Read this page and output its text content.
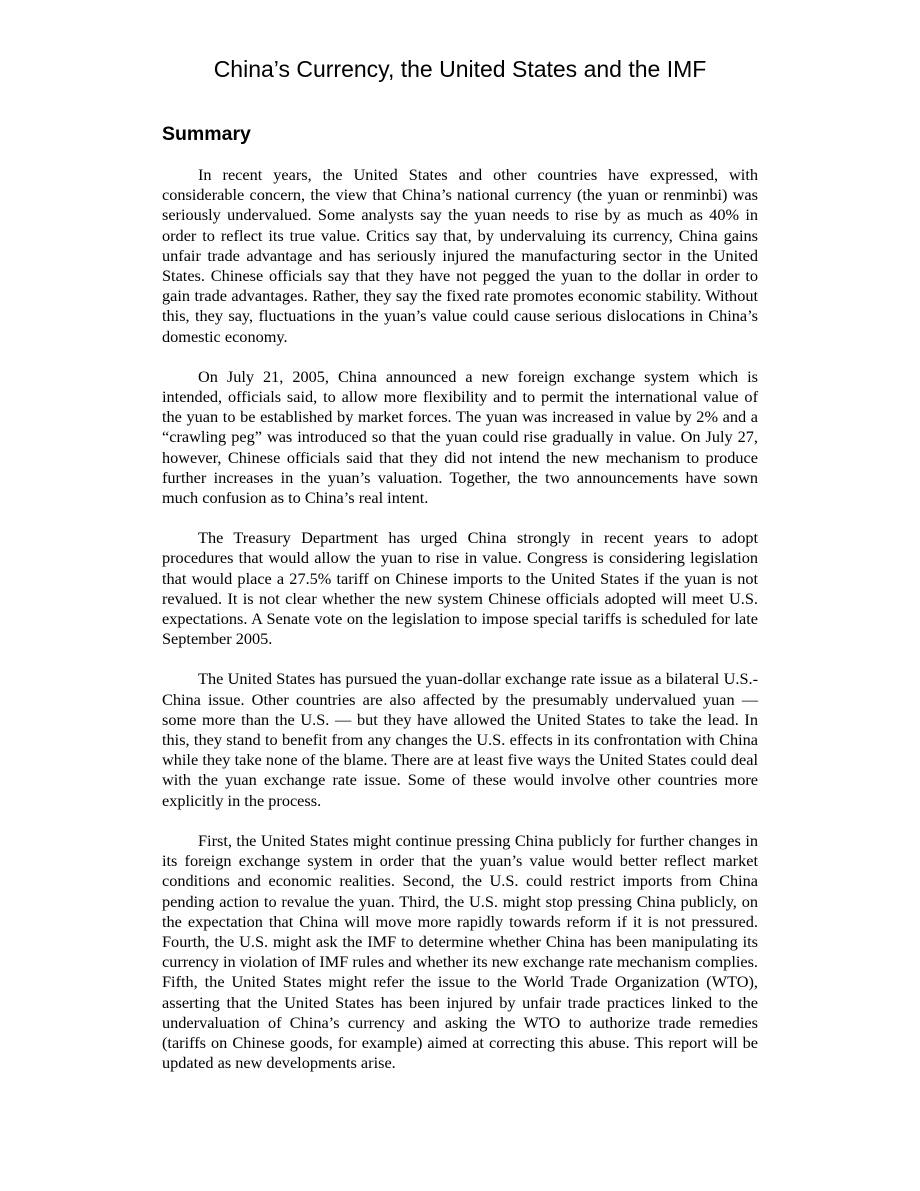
China’s Currency, the United States and the IMF
Summary

In recent years, the United States and other countries have expressed, with considerable concern, the view that China’s national currency (the yuan or renminbi) was seriously undervalued. Some analysts say the yuan needs to rise by as much as 40% in order to reflect its true value. Critics say that, by undervaluing its currency, China gains unfair trade advantage and has seriously injured the manufacturing sector in the United States. Chinese officials say that they have not pegged the yuan to the dollar in order to gain trade advantages. Rather, they say the fixed rate promotes economic stability. Without this, they say, fluctuations in the yuan’s value could cause serious dislocations in China’s domestic economy.

On July 21, 2005, China announced a new foreign exchange system which is intended, officials said, to allow more flexibility and to permit the international value of the yuan to be established by market forces. The yuan was increased in value by 2% and a “crawling peg” was introduced so that the yuan could rise gradually in value. On July 27, however, Chinese officials said that they did not intend the new mechanism to produce further increases in the yuan’s valuation. Together, the two announcements have sown much confusion as to China’s real intent.

The Treasury Department has urged China strongly in recent years to adopt procedures that would allow the yuan to rise in value. Congress is considering legislation that would place a 27.5% tariff on Chinese imports to the United States if the yuan is not revalued. It is not clear whether the new system Chinese officials adopted will meet U.S. expectations. A Senate vote on the legislation to impose special tariffs is scheduled for late September 2005.

The United States has pursued the yuan-dollar exchange rate issue as a bilateral U.S.-China issue. Other countries are also affected by the presumably undervalued yuan — some more than the U.S. — but they have allowed the United States to take the lead. In this, they stand to benefit from any changes the U.S. effects in its confrontation with China while they take none of the blame. There are at least five ways the United States could deal with the yuan exchange rate issue. Some of these would involve other countries more explicitly in the process.

First, the United States might continue pressing China publicly for further changes in its foreign exchange system in order that the yuan’s value would better reflect market conditions and economic realities. Second, the U.S. could restrict imports from China pending action to revalue the yuan. Third, the U.S. might stop pressing China publicly, on the expectation that China will move more rapidly towards reform if it is not pressured. Fourth, the U.S. might ask the IMF to determine whether China has been manipulating its currency in violation of IMF rules and whether its new exchange rate mechanism complies. Fifth, the United States might refer the issue to the World Trade Organization (WTO), asserting that the United States has been injured by unfair trade practices linked to the undervaluation of China’s currency and asking the WTO to authorize trade remedies (tariffs on Chinese goods, for example) aimed at correcting this abuse. This report will be updated as new developments arise.
